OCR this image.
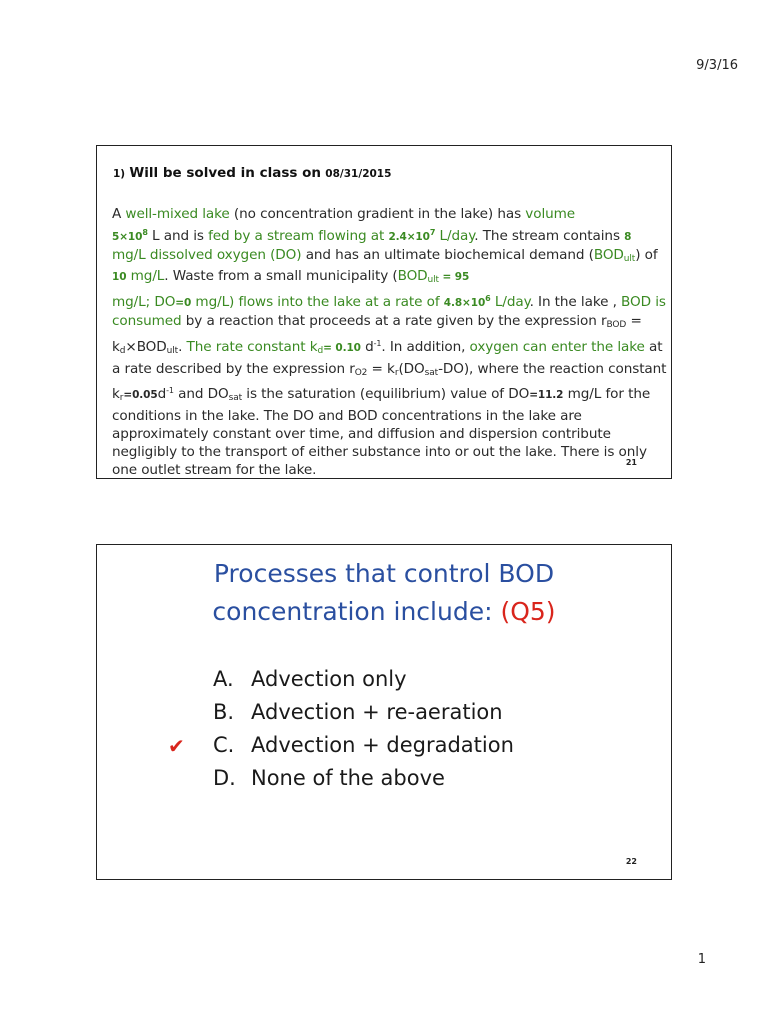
9/3/16
1) Will be solved in class on 08/31/2015
A well-mixed lake (no concentration gradient in the lake) has volume
$5\times 10^8$ L and is fed by a stream flowing at $2.4\times 10^7$ L/day. The stream contains 8 mg/L dissolved oxygen (DO) and has an ultimate biochemical demand (BODult) of 10 mg/L. Waste from a small municipality (BODult = 95
mg/L; DO=0 mg/L) flows into the lake at a rate of $4.8\times 10^6$ L/day. In the lake , BOD is consumed by a reaction that proceeds at a rate given by the expression rBOD = kd×BODult. The rate constant kd= 0.10 $d^{-1}$. In addition, oxygen can enter the lake at a rate described by the expression rO2 = kr(DOsat-DO), where the reaction constant $kr=0.05d^{-1}$ and DOsat is the saturation (equilibrium) value of DO=11.2 mg/L for the conditions in the lake. The DO and BOD concentrations in the lake are approximately constant over time, and diffusion and dispersion contribute negligibly to the transport of either substance into or out the lake. There is only one outlet stream for the lake.	21
Processes that control BOD
concentration include: (Q5)
A. Advection only
B. Advection + re-aeration
✔ C. Advection + degradation
D. None of the above
22
1
